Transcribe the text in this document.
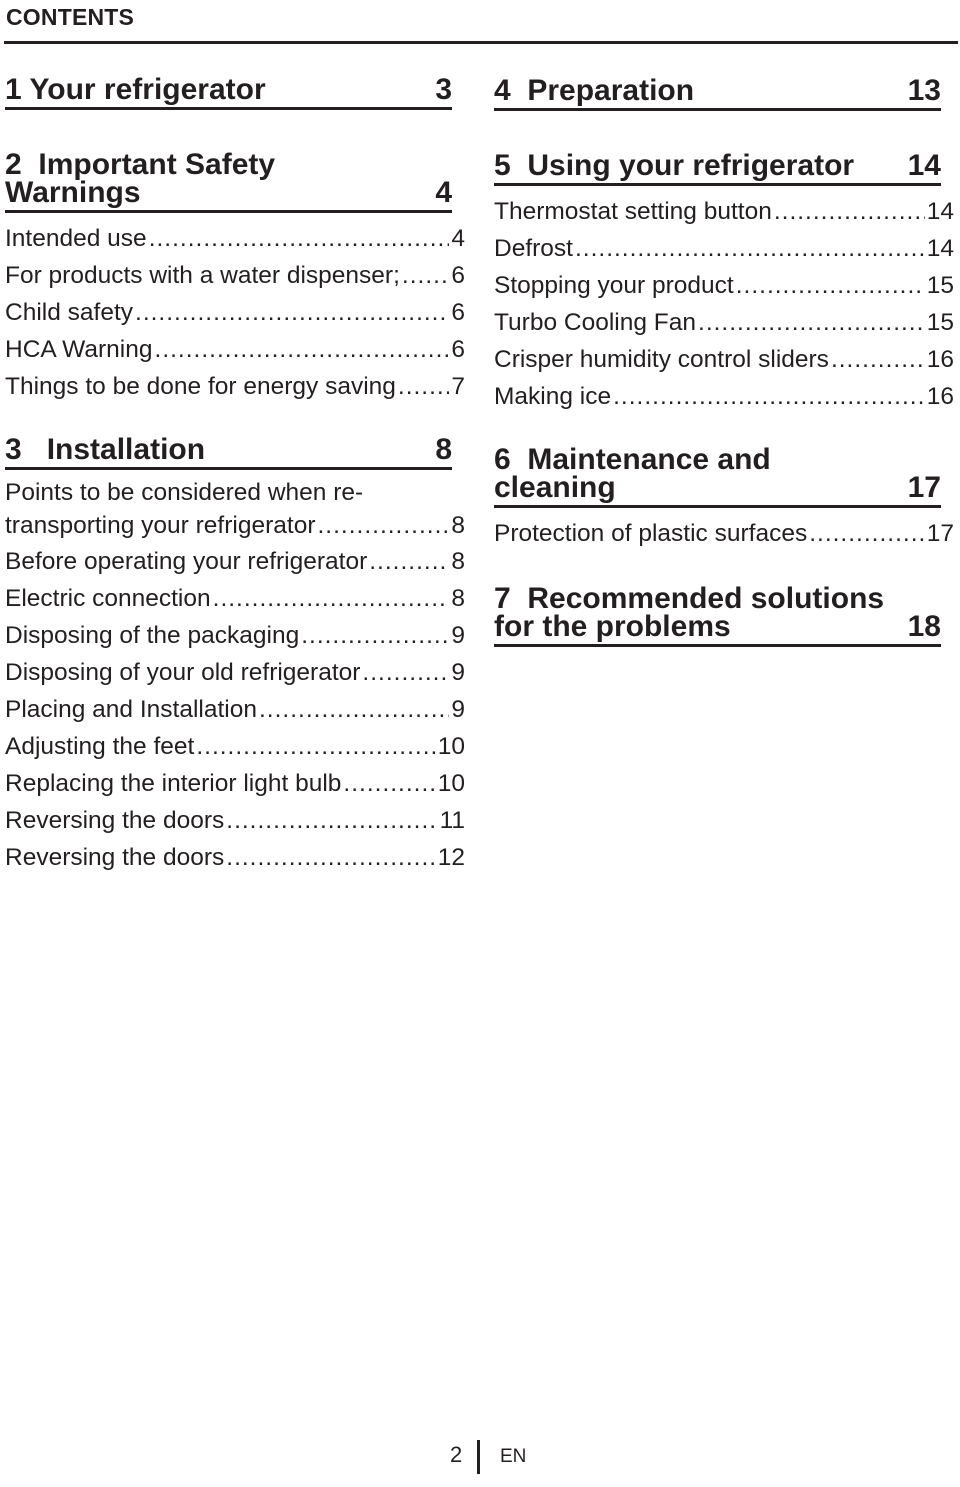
CONTENTS
1 Your refrigerator	3
2 Important Safety Warnings	4
Intended use .....	4
For products with a water dispenser; ..... 6
Child safety .....	6
HCA Warning .....	6
Things to be done for energy saving ..... 7
3 Installation	8
Points to be considered when re-
transporting your refrigerator .....	8
Before operating your refrigerator .....	8
Electric connection .....	8
Disposing of the packaging .....	9
Disposing of your old refrigerator .....	9
Placing and Installation .....	9
Adjusting the feet .....	10
Replacing the interior light bulb .....	10
Reversing the doors .....	11
Reversing the doors .....	12
4 Preparation	13
5 Using your refrigerator 14
Thermostat setting button .....	14
Defrost .....	14
Stopping your product .....	15
Turbo Cooling Fan .....	15
Crisper humidity control sliders .....	16
Making ice .....	16
6 Maintenance and cleaning	17
Protection of plastic surfaces .....	17
7 Recommended solutions for the problems	18
2 EN
